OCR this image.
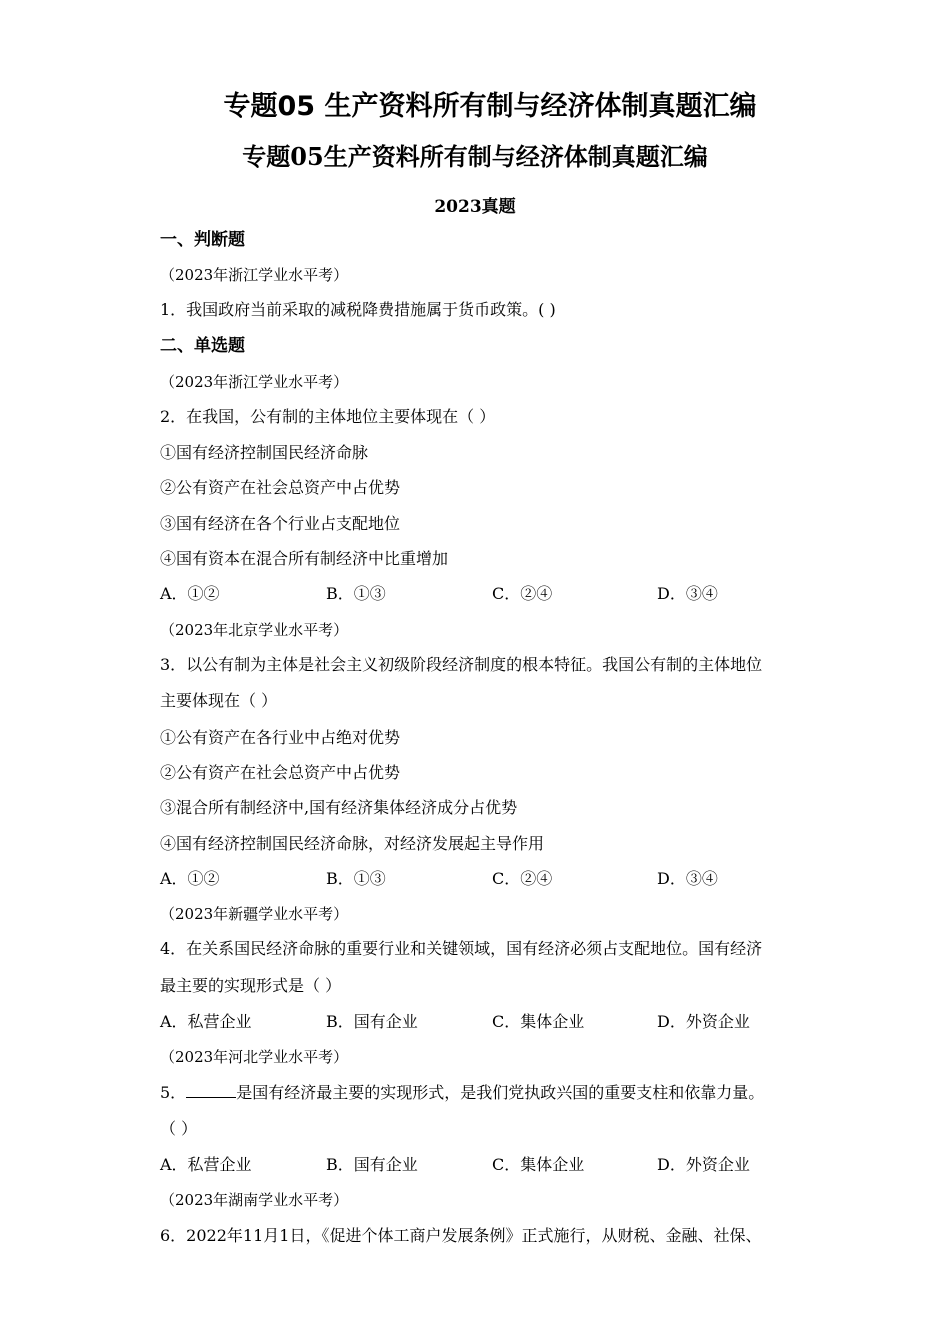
专题05 生产资料所有制与经济体制真题汇编
专题05生产资料所有制与经济体制真题汇编
2023真题
一、判断题
（2023年浙江学业水平考）
1．我国政府当前采取的减税降费措施属于货币政策。( )
二、单选题
（2023年浙江学业水平考）
2．在我国，公有制的主体地位主要体现在（ ）
①国有经济控制国民经济命脉
②公有资产在社会总资产中占优势
③国有经济在各个行业占支配地位
④国有资本在混合所有制经济中比重增加
A．①②	B．①③	C．②④	D．③④
（2023年北京学业水平考）
3．以公有制为主体是社会主义初级阶段经济制度的根本特征。我国公有制的主体地位
主要体现在（ ）
①公有资产在各行业中占绝对优势
②公有资产在社会总资产中占优势
③混合所有制经济中,国有经济集体经济成分占优势
④国有经济控制国民经济命脉，对经济发展起主导作用
A．①②	B．①③	C．②④	D．③④
（2023年新疆学业水平考）
4．在关系国民经济命脉的重要行业和关键领域，国有经济必须占支配地位。国有经济
最主要的实现形式是（ ）
A．私营企业	B．国有企业	C．集体企业	D．外资企业
（2023年河北学业水平考）
5．	是国有经济最主要的实现形式，是我们党执政兴国的重要支柱和依靠力量。
（ ）
A．私营企业	B．国有企业	C．集体企业	D．外资企业
（2023年湖南学业水平考）
6．2022年11月1日，《促进个体工商户发展条例》正式施行，从财税、金融、社保、
